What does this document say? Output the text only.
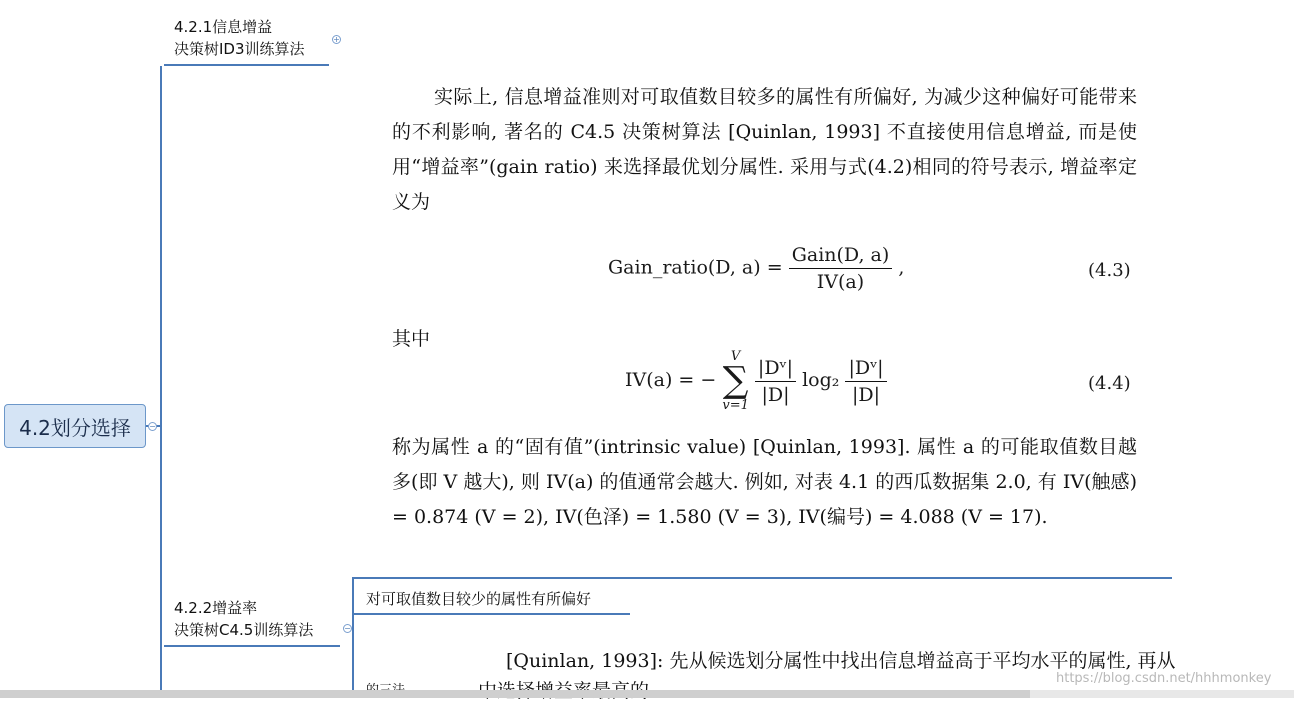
4.2.1信息增益
决策树ID3训练算法
+
4.2划分选择 −
4.2.2增益率
决策树C4.5训练算法	−
对可取值数目较少的属性有所偏好
实际上, 信息增益准则对可取值数目较多的属性有所偏好, 为减少这种偏好可能带来的不利影响, 著名的 C4.5 决策树算法 [Quinlan, 1993] 不直接使用信息增益, 而是使用“增益率”(gain ratio) 来选择最优划分属性. 采用与式(4.2)相同的符号表示, 增益率定义为
Gain_ratio(D, $a) = \frac{\text{Gain(D, a)}}{IV(a)}$ ,	(4.3)
其中
IV(a) = −
V
∑
v=1
$\frac{\text{|Dᵛ|}}{|D|} \log_2 \frac{\text{|Dᵛ|}}{|D|}$	(4.4)
称为属性 a 的“固有值”(intrinsic value) [Quinlan, 1993]. 属性 a 的可能取值数目越多(即 V 越大), 则 IV(a) 的值通常会越大. 例如, 对表 4.1 的西瓜数据集 2.0, 有 IV(触感) = 0.874 (V = 2), IV(色泽) = 1.580 (V = 3), IV(编号) = 4.088 (V = 17).
[Quinlan, 1993]: 先从候选划分属性中找出信息增益高于平均水平的属性, 再从
https://blog.csdn.net/hhhmonkey
